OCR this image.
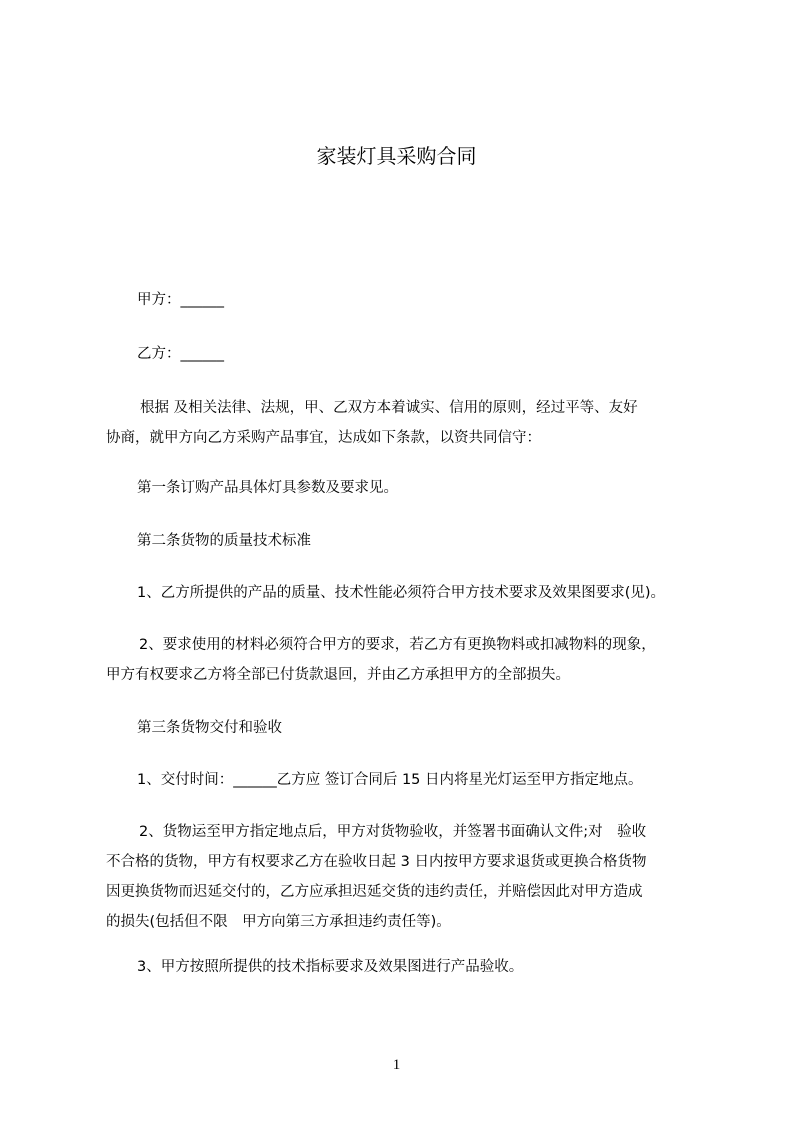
家装灯具采购合同
甲方：______
乙方：______
根据 及相关法律、法规，甲、乙双方本着诚实、信用的原则，经过平等、友好
协商，就甲方向乙方采购产品事宜，达成如下条款，以资共同信守：
第一条订购产品具体灯具参数及要求见。
第二条货物的质量技术标准
1、乙方所提供的产品的质量、技术性能必须符合甲方技术要求及效果图要求(见)。
2、要求使用的材料必须符合甲方的要求，若乙方有更换物料或扣减物料的现象，
甲方有权要求乙方将全部已付货款退回，并由乙方承担甲方的全部损失。
第三条货物交付和验收
1、交付时间：______乙方应 签订合同后 15 日内将星光灯运至甲方指定地点。
2、货物运至甲方指定地点后，甲方对货物验收，并签署书面确认文件;对　验收
不合格的货物，甲方有权要求乙方在验收日起 3 日内按甲方要求退货或更换合格货物
因更换货物而迟延交付的，乙方应承担迟延交货的违约责任，并赔偿因此对甲方造成
的损失(包括但不限　甲方向第三方承担违约责任等)。
3、甲方按照所提供的技术指标要求及效果图进行产品验收。
1
